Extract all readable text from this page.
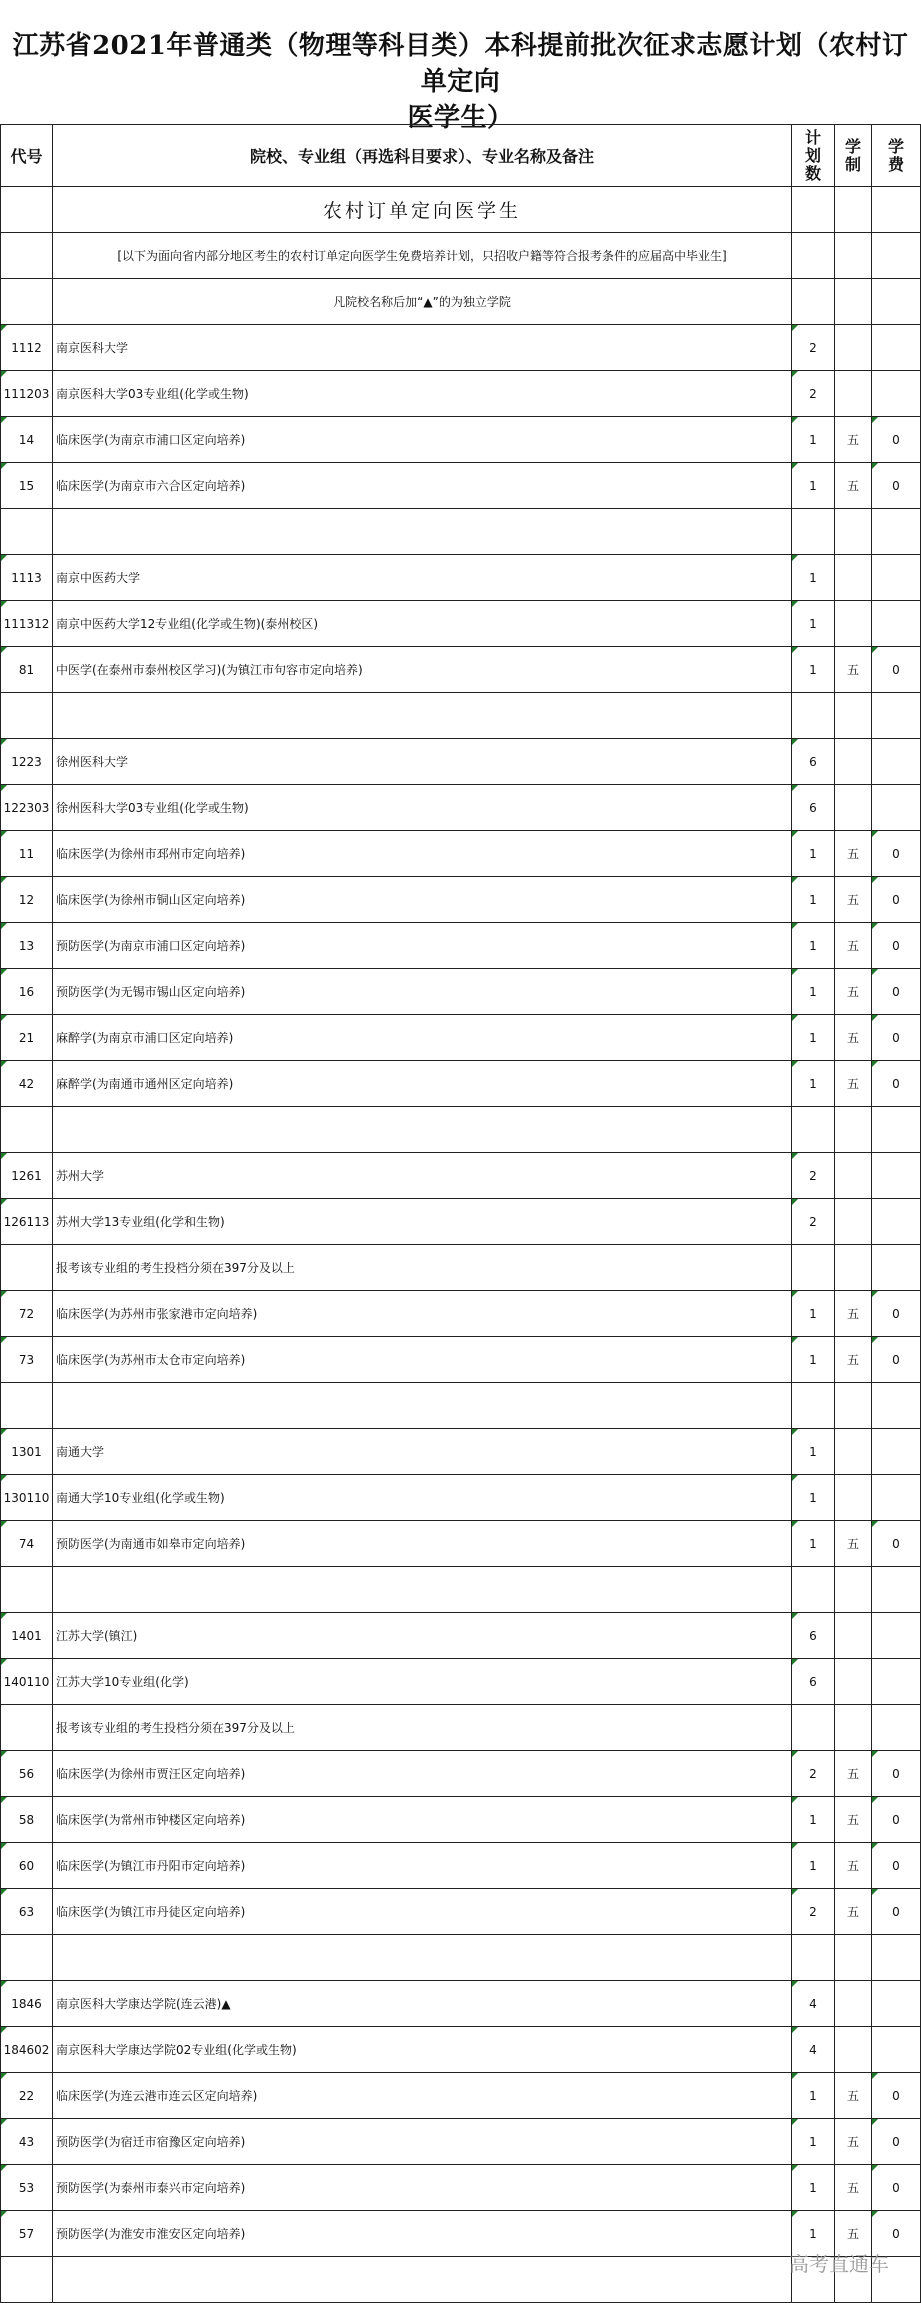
江苏省2021年普通类（物理等科目类）本科提前批次征求志愿计划（农村订单定向
医学生）
代号	院校、专业组（再选科目要求）、专业名称及备注	计划数	学制	学费
	农村订单定向医学生			
	[以下为面向省内部分地区考生的农村订单定向医学生免费培养计划，只招收户籍等符合报考条件的应届高中毕业生]			
	凡院校名称后加“▲”的为独立学院			
1112	南京医科大学	2		
111203	南京医科大学03专业组(化学或生物)	2		
14	临床医学(为南京市浦口区定向培养)	1	五	0
15	临床医学(为南京市六合区定向培养)	1	五	0

1113	南京中医药大学	1		
111312	南京中医药大学12专业组(化学或生物)(泰州校区)	1		
81	中医学(在泰州市泰州校区学习)(为镇江市句容市定向培养)	1	五	0

1223	徐州医科大学	6		
122303	徐州医科大学03专业组(化学或生物)	6		
11	临床医学(为徐州市邳州市定向培养)	1	五	0
12	临床医学(为徐州市铜山区定向培养)	1	五	0
13	预防医学(为南京市浦口区定向培养)	1	五	0
16	预防医学(为无锡市锡山区定向培养)	1	五	0
21	麻醉学(为南京市浦口区定向培养)	1	五	0
42	麻醉学(为南通市通州区定向培养)	1	五	0

1261	苏州大学	2		
126113	苏州大学13专业组(化学和生物)	2		
	报考该专业组的考生投档分须在397分及以上			
72	临床医学(为苏州市张家港市定向培养)	1	五	0
73	临床医学(为苏州市太仓市定向培养)	1	五	0

1301	南通大学	1		
130110	南通大学10专业组(化学或生物)	1		
74	预防医学(为南通市如皋市定向培养)	1	五	0

1401	江苏大学(镇江)	6		
140110	江苏大学10专业组(化学)	6		
	报考该专业组的考生投档分须在397分及以上			
56	临床医学(为徐州市贾汪区定向培养)	2	五	0
58	临床医学(为常州市钟楼区定向培养)	1	五	0
60	临床医学(为镇江市丹阳市定向培养)	1	五	0
63	临床医学(为镇江市丹徒区定向培养)	2	五	0

1846	南京医科大学康达学院(连云港)▲	4		
184602	南京医科大学康达学院02专业组(化学或生物)	4		
22	临床医学(为连云港市连云区定向培养)	1	五	0
43	预防医学(为宿迁市宿豫区定向培养)	1	五	0
53	预防医学(为泰州市泰兴市定向培养)	1	五	0
57	预防医学(为淮安市淮安区定向培养)	1	五	0

高考直通车
